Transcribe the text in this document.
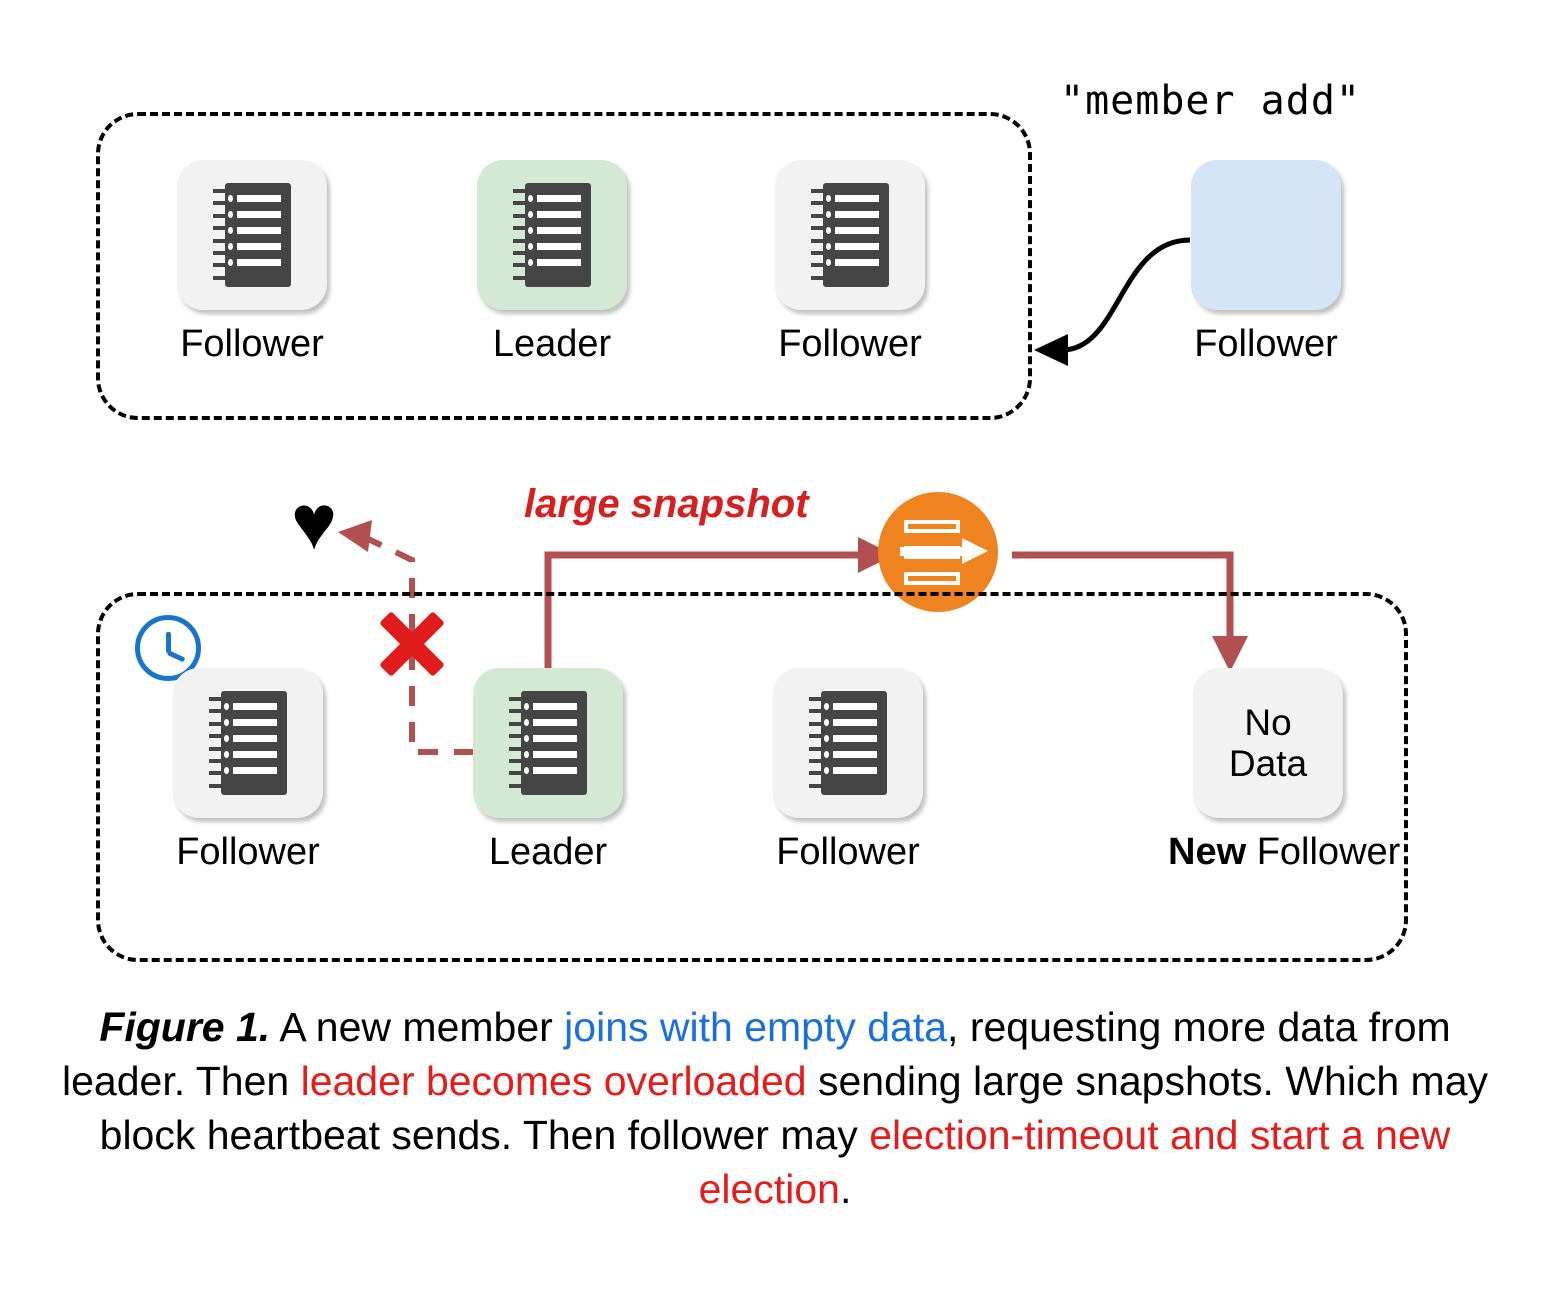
"member add"
Follower	Leader	Follower	Follower
♥	large snapshot
Follower	Leader	Follower
No
Data
New Follower
Figure 1. A new member joins with empty data, requesting more data from leader. Then leader becomes overloaded sending large snapshots. Which may block heartbeat sends. Then follower may election-timeout and start a new election.
